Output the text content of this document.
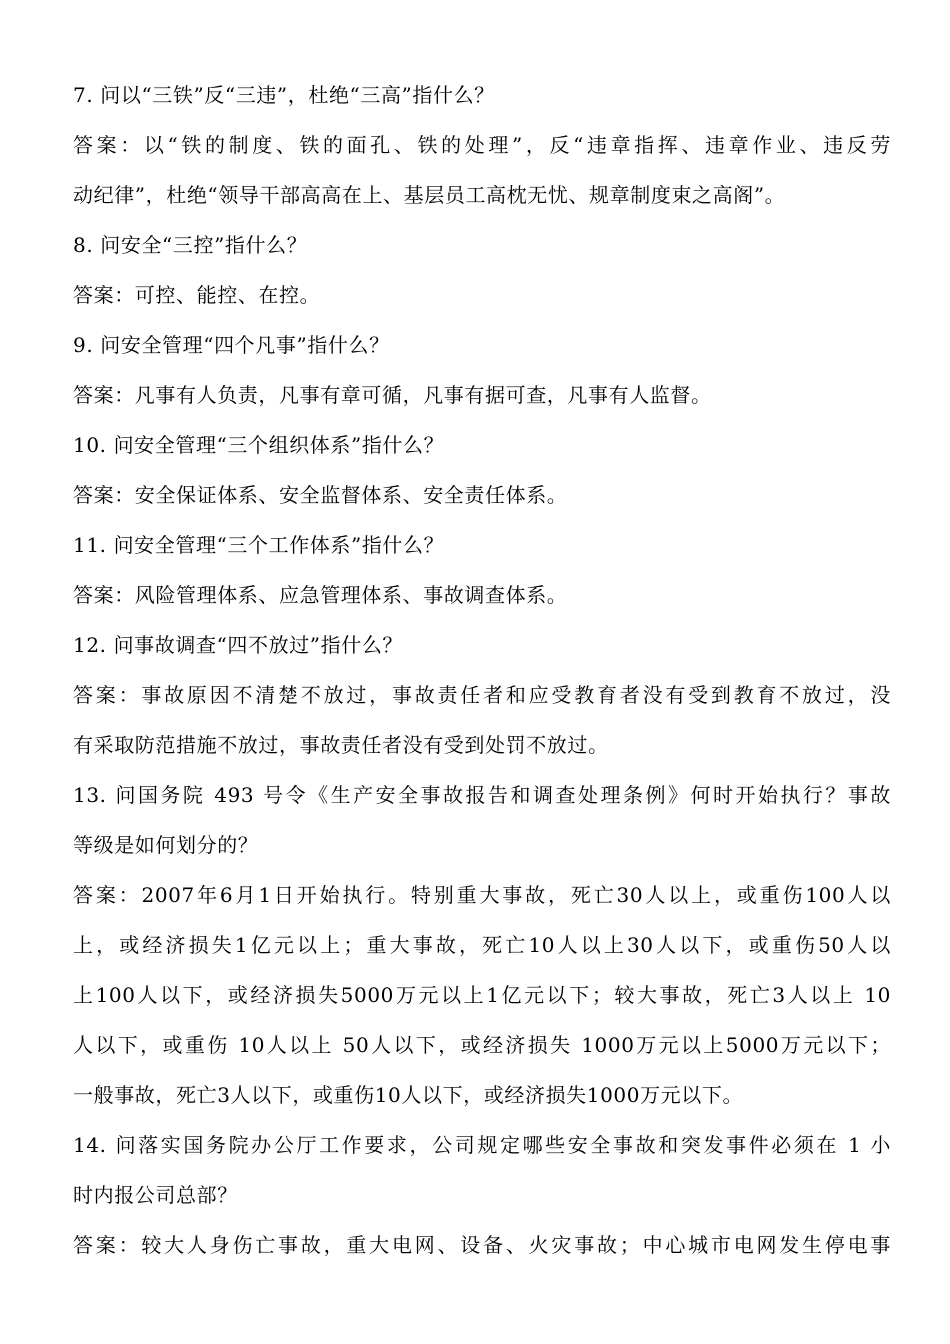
7. 问以“三铁”反“三违”，杜绝“三高”指什么？
答案：以“铁的制度、铁的面孔、铁的处理”，反“违章指挥、违章作业、违反劳
动纪律”，杜绝“领导干部高高在上、基层员工高枕无忧、规章制度束之高阁”。
8. 问安全“三控”指什么？
答案：可控、能控、在控。
9. 问安全管理“四个凡事”指什么？
答案：凡事有人负责，凡事有章可循，凡事有据可查，凡事有人监督。
10. 问安全管理“三个组织体系”指什么？
答案：安全保证体系、安全监督体系、安全责任体系。
11. 问安全管理“三个工作体系”指什么？
答案：风险管理体系、应急管理体系、事故调查体系。
12. 问事故调查“四不放过”指什么？
答案：事故原因不清楚不放过，事故责任者和应受教育者没有受到教育不放过，没
有采取防范措施不放过，事故责任者没有受到处罚不放过。
13. 问国务院 493 号令《生产安全事故报告和调查处理条例》何时开始执行？事故
等级是如何划分的？
答案：2007年6月1日开始执行。特别重大事故，死亡30人以上，或重伤100人以
上，或经济损失1亿元以上；重大事故，死亡10人以上30人以下，或重伤50人以
上100人以下，或经济损失5000万元以上1亿元以下；较大事故，死亡3人以上 10
人以下，或重伤 10人以上 50人以下，或经济损失 1000万元以上5000万元以下；
一般事故，死亡3人以下，或重伤10人以下，或经济损失1000万元以下。
14. 问落实国务院办公厅工作要求，公司规定哪些安全事故和突发事件必须在 1 小
时内报公司总部？
答案：较大人身伤亡事故，重大电网、设备、火灾事故；中心城市电网发生停电事
